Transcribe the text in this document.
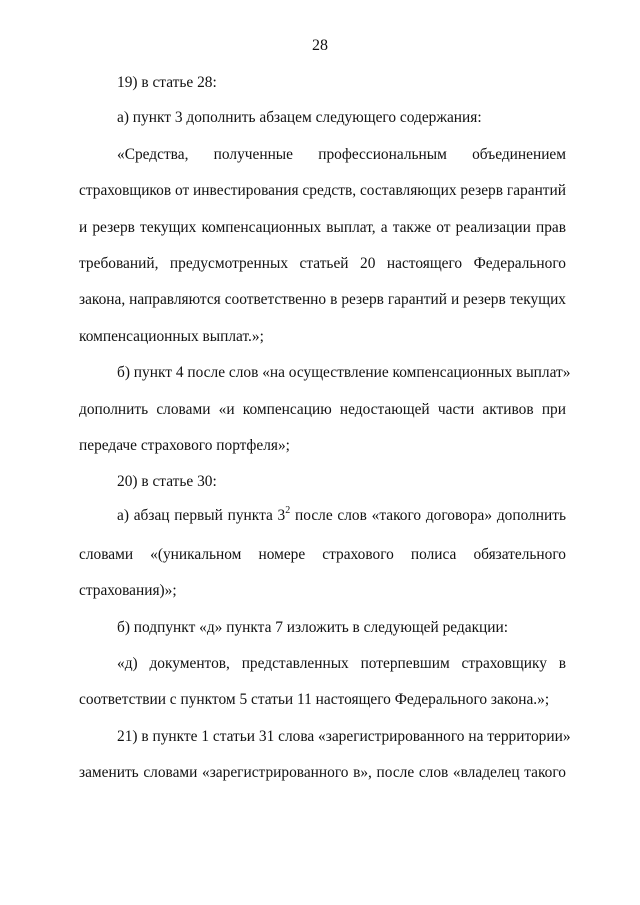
28
19) в статье 28:
а) пункт 3 дополнить абзацем следующего содержания:
«Средства, полученные профессиональным объединением
страховщиков от инвестирования средств, составляющих резерв гарантий
и резерв текущих компенсационных выплат, а также от реализации прав
требований, предусмотренных статьей 20 настоящего Федерального
закона, направляются соответственно в резерв гарантий и резерв текущих
компенсационных выплат.»;
б) пункт 4 после слов «на осуществление компенсационных выплат»
дополнить словами «и компенсацию недостающей части активов при
передаче страхового портфеля»;
20) в статье 30:
а) абзац первый пункта $3^2$ после слов «такого договора» дополнить
словами «(уникальном номере страхового полиса обязательного
страхования)»;
б) подпункт «д» пункта 7 изложить в следующей редакции:
«д) документов, представленных потерпевшим страховщику в
соответствии с пунктом 5 статьи 11 настоящего Федерального закона.»;
21) в пункте 1 статьи 31 слова «зарегистрированного на территории»
заменить словами «зарегистрированного в», после слов «владелец такого
